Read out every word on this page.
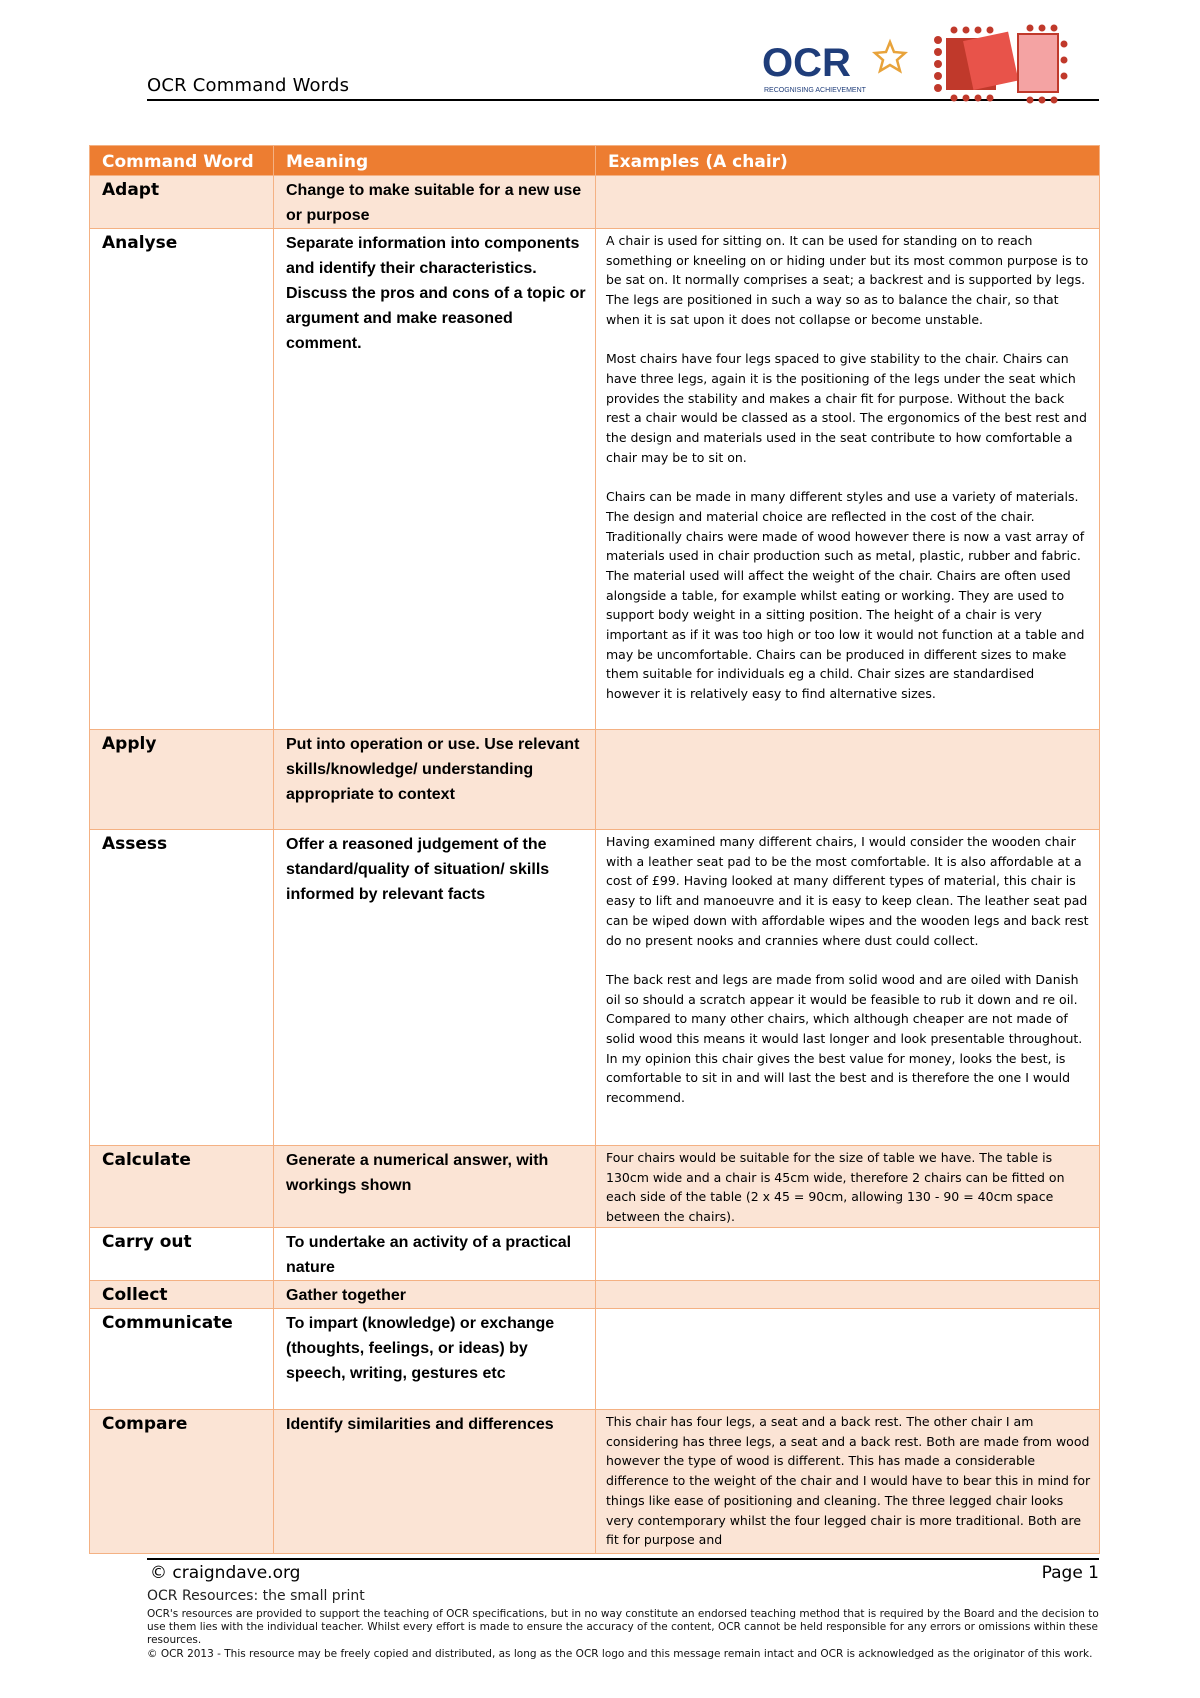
OCR Command Words
OCR
RECOGNISING ACHIEVEMENT
Command Word	Meaning	Examples (A chair)
Adapt	Change to make suitable for a new use or purpose	
Analyse	Separate information into components and identify their characteristics. Discuss the pros and cons of a topic or argument and make reasoned comment.	A chair is used for sitting on. It can be used for standing on to reach something or kneeling on or hiding under but its most common purpose is to be sat on. It normally comprises a seat; a backrest and is supported by legs. The legs are positioned in such a way so as to balance the chair, so that when it is sat upon it does not collapse or become unstable.

Most chairs have four legs spaced to give stability to the chair. Chairs can have three legs, again it is the positioning of the legs under the seat which provides the stability and makes a chair fit for purpose. Without the back rest a chair would be classed as a stool. The ergonomics of the best rest and the design and materials used in the seat contribute to how comfortable a chair may be to sit on.

Chairs can be made in many different styles and use a variety of materials. The design and material choice are reflected in the cost of the chair. Traditionally chairs were made of wood however there is now a vast array of materials used in chair production such as metal, plastic, rubber and fabric. The material used will affect the weight of the chair. Chairs are often used alongside a table, for example whilst eating or working. They are used to support body weight in a sitting position. The height of a chair is very important as if it was too high or too low it would not function at a table and may be uncomfortable. Chairs can be produced in different sizes to make them suitable for individuals eg a child. Chair sizes are standardised however it is relatively easy to find alternative sizes.

Apply	Put into operation or use. Use relevant skills/knowledge/ understanding appropriate to context	
Assess	Offer a reasoned judgement of the standard/quality of situation/ skills informed by relevant facts	Having examined many different chairs, I would consider the wooden chair with a leather seat pad to be the most comfortable. It is also affordable at a cost of £99. Having looked at many different types of material, this chair is easy to lift and manoeuvre and it is easy to keep clean. The leather seat pad can be wiped down with affordable wipes and the wooden legs and back rest do no present nooks and crannies where dust could collect.

The back rest and legs are made from solid wood and are oiled with Danish oil so should a scratch appear it would be feasible to rub it down and re oil. Compared to many other chairs, which although cheaper are not made of solid wood this means it would last longer and look presentable throughout. In my opinion this chair gives the best value for money, looks the best, is comfortable to sit in and will last the best and is therefore the one I would recommend.

Calculate	Generate a numerical answer, with workings shown	Four chairs would be suitable for the size of table we have. The table is 130cm wide and a chair is 45cm wide, therefore 2 chairs can be fitted on each side of the table (2 x 45 = 90cm, allowing 130 - 90 = 40cm space between the chairs).

Carry out	To undertake an activity of a practical nature	
Collect	Gather together	
Communicate	To impart (knowledge) or exchange (thoughts, feelings, or ideas) by speech, writing, gestures etc	
Compare	Identify similarities and differences	This chair has four legs, a seat and a back rest. The other chair I am considering has three legs, a seat and a back rest. Both are made from wood however the type of wood is different. This has made a considerable difference to the weight of the chair and I would have to bear this in mind for things like ease of positioning and cleaning. The three legged chair looks very contemporary whilst the four legged chair is more traditional. Both are fit for purpose and

© craigndave.org	Page 1
OCR Resources: the small print

OCR's resources are provided to support the teaching of OCR specifications, but in no way constitute an endorsed teaching method that is required by the Board and the decision to use them lies with the individual teacher. Whilst every effort is made to ensure the accuracy of the content, OCR cannot be held responsible for any errors or omissions within these resources.

© OCR 2013 - This resource may be freely copied and distributed, as long as the OCR logo and this message remain intact and OCR is acknowledged as the originator of this work.
